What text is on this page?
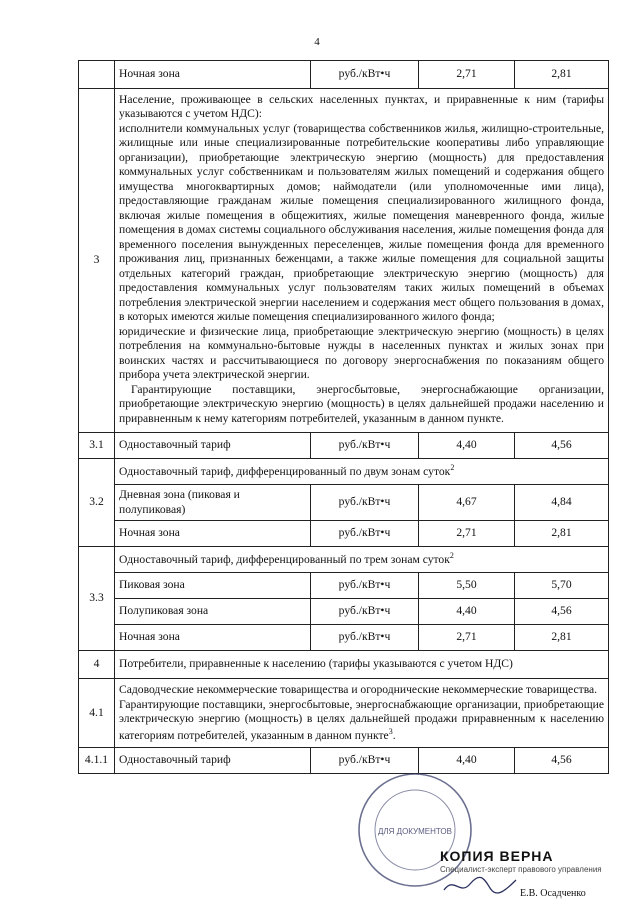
4
	Ночная зона	руб./кВт•ч	2,71	2,81
3	Население, проживающее в сельских населенных пунктах, и приравненные к ним (тарифы указываются с учетом НДС):

исполнители коммунальных услуг (товарищества собственников жилья, жилищно-строительные, жилищные или иные специализированные потребительские кооперативы либо управляющие организации), приобретающие электрическую энергию (мощность) для предоставления коммунальных услуг собственникам и пользователям жилых помещений и содержания общего имущества многоквартирных домов; наймодатели (или уполномоченные ими лица), предоставляющие гражданам жилые помещения специализированного жилищного фонда, включая жилые помещения в общежитиях, жилые помещения маневренного фонда, жилые помещения в домах системы социального обслуживания населения, жилые помещения фонда для временного поселения вынужденных переселенцев, жилые помещения фонда для временного проживания лиц, признанных беженцами, а также жилые помещения для социальной защиты отдельных категорий граждан, приобретающие электрическую энергию (мощность) для предоставления коммунальных услуг пользователям таких жилых помещений в объемах потребления электрической энергии населением и содержания мест общего пользования в домах, в которых имеются жилые помещения специализированного жилого фонда;

юридические и физические лица, приобретающие электрическую энергию (мощность) в целях потребления на коммунально-бытовые нужды в населенных пунктах и жилых зонах при воинских частях и рассчитывающиеся по договору энергоснабжения по показаниям общего прибора учета электрической энергии.

Гарантирующие поставщики, энергосбытовые, энергоснабжающие организации, приобретающие электрическую энергию (мощность) в целях дальнейшей продажи населению и приравненным к нему категориям потребителей, указанным в данном пункте.			

3.1	Одноставочный тариф	руб./кВт•ч	4,40	4,56
3.2	Одноставочный тариф, дифференцированный по двум зонам суток$^2$
	Дневная зона (пиковая и полупиковая)	руб./кВт•ч	4,67	4,84
	Ночная зона	руб./кВт•ч	2,71	2,81
3.3	Одноставочный тариф, дифференцированный по трем зонам суток$^2$
	Пиковая зона	руб./кВт•ч	5,50	5,70
	Полупиковая зона	руб./кВт•ч	4,40	4,56
	Ночная зона	руб./кВт•ч	2,71	2,81
4	Потребители, приравненные к населению (тарифы указываются с учетом НДС)			
4.1	Садоводческие некоммерческие товарищества и огороднические некоммерческие товарищества.

Гарантирующие поставщики, энергосбытовые, энергоснабжающие организации, приобретающие электрическую энергию (мощность) в целях дальнейшей продажи приравненным к населению категориям потребителей, указанным в данном пункте$^3$.			

4.1.1	Одноставочный тариф	руб./кВт•ч	4,40	4,56
ДЛЯ ДОКУМЕНТОВ
КОПИЯ ВЕРНА
Специалист-эксперт правового управления
Е.В. Осадченко
